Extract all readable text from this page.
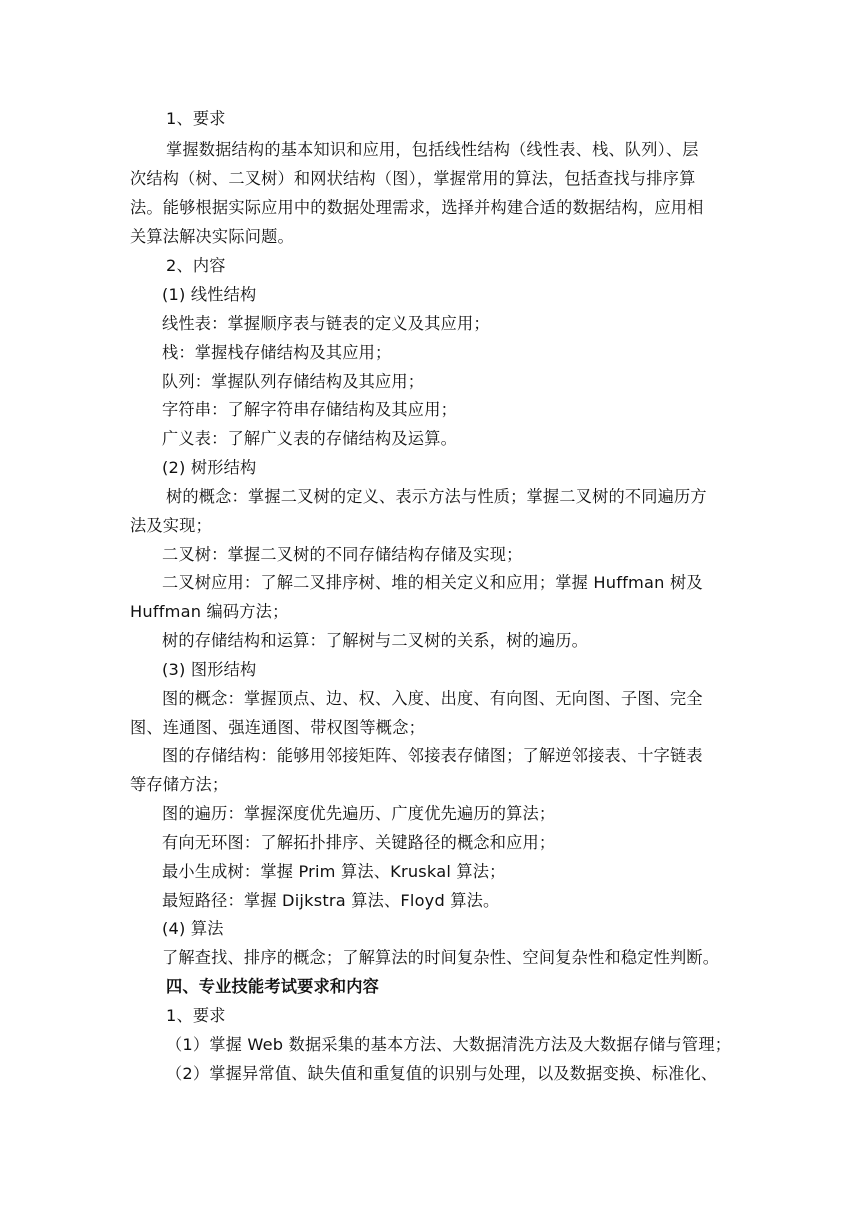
1、要求
掌握数据结构的基本知识和应用，包括线性结构（线性表、栈、队列）、层
次结构（树、二叉树）和网状结构（图），掌握常用的算法，包括查找与排序算
法。能够根据实际应用中的数据处理需求，选择并构建合适的数据结构，应用相
关算法解决实际问题。
2、内容
(1) 线性结构
线性表：掌握顺序表与链表的定义及其应用；
栈：掌握栈存储结构及其应用；
队列：掌握队列存储结构及其应用；
字符串：了解字符串存储结构及其应用；
广义表：了解广义表的存储结构及运算。
(2) 树形结构
树的概念：掌握二叉树的定义、表示方法与性质；掌握二叉树的不同遍历方
法及实现；
二叉树：掌握二叉树的不同存储结构存储及实现；
二叉树应用：了解二叉排序树、堆的相关定义和应用；掌握 Huffman 树及
Huffman 编码方法；
树的存储结构和运算：了解树与二叉树的关系，树的遍历。
(3) 图形结构
图的概念：掌握顶点、边、权、入度、出度、有向图、无向图、子图、完全
图、连通图、强连通图、带权图等概念；
图的存储结构：能够用邻接矩阵、邻接表存储图；了解逆邻接表、十字链表
等存储方法；
图的遍历：掌握深度优先遍历、广度优先遍历的算法；
有向无环图：了解拓扑排序、关键路径的概念和应用；
最小生成树：掌握 Prim 算法、Kruskal 算法；
最短路径：掌握 Dijkstra 算法、Floyd 算法。
(4) 算法
了解查找、排序的概念；了解算法的时间复杂性、空间复杂性和稳定性判断。
四、专业技能考试要求和内容
1、要求
（1）掌握 Web 数据采集的基本方法、大数据清洗方法及大数据存储与管理；
（2）掌握异常值、缺失值和重复值的识别与处理，以及数据变换、标准化、
